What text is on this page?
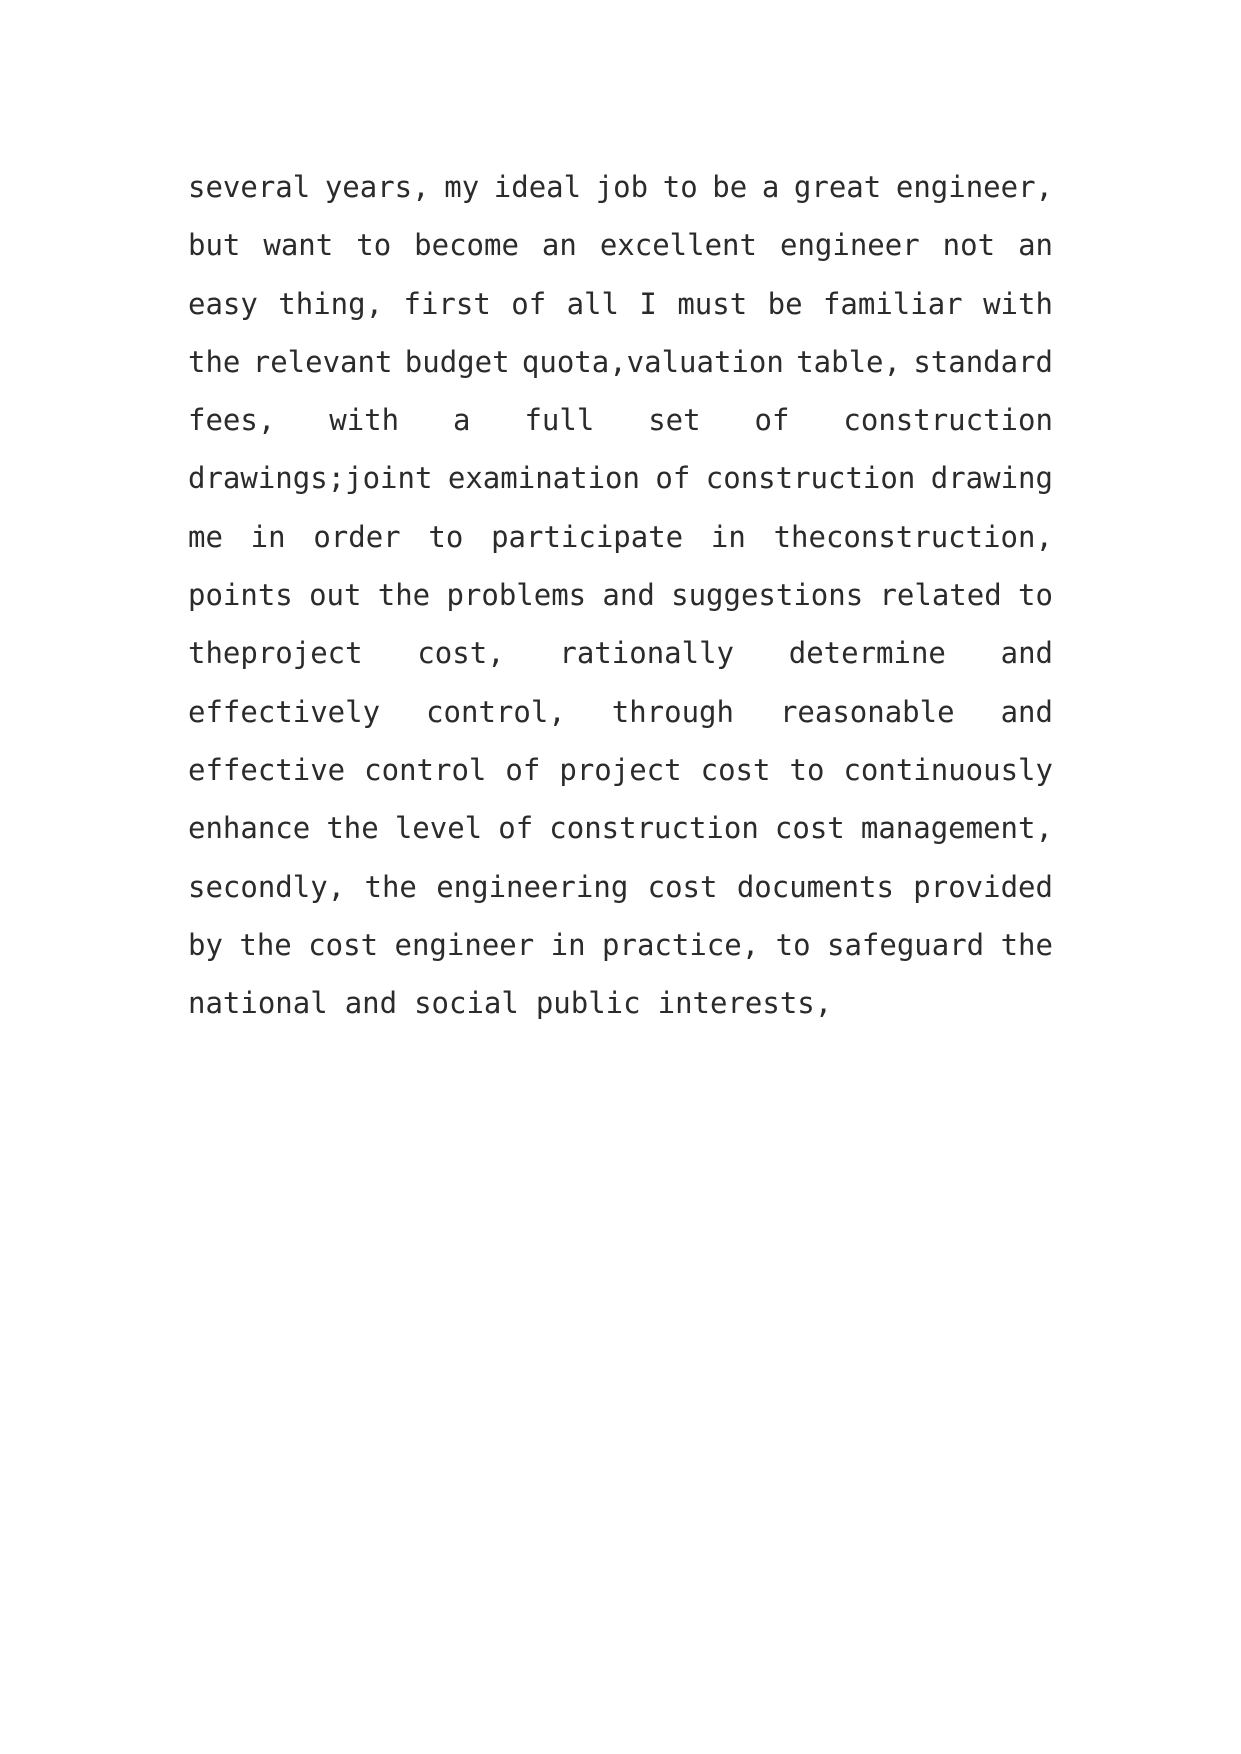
several years, my ideal job to be a great engineer,
but want to become an excellent engineer not an
easy thing, first of all I must be familiar with
the relevant budget quota,valuation table, standard
fees, with a full set of construction
drawings;joint examination of construction drawing
me in order to participate in theconstruction,
points out the problems and suggestions related to
theproject cost, rationally determine and
effectively control, through reasonable and
effective control of project cost to continuously
enhance the level of construction cost management,
secondly, the engineering cost documents provided
by the cost engineer in practice, to safeguard the
national and social public interests,
